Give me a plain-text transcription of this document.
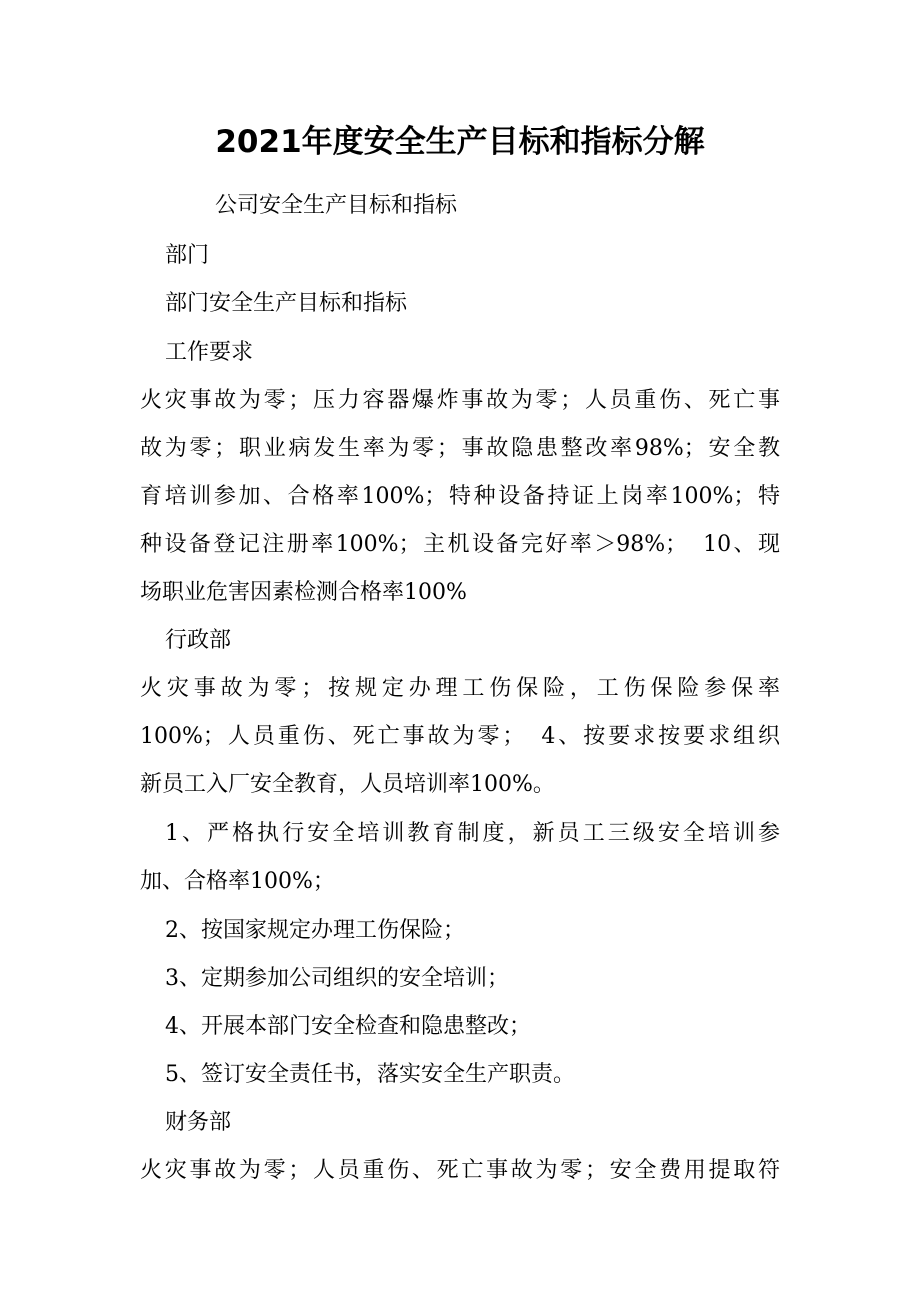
2021年度安全生产目标和指标分解

公司安全生产目标和指标

部门

部门安全生产目标和指标

工作要求

火灾事故为零；压力容器爆炸事故为零；人员重伤、死亡事

故为零；职业病发生率为零；事故隐患整改率98%；安全教

育培训参加、合格率100%；特种设备持证上岗率100%；特

种设备登记注册率100%；主机设备完好率＞98%；　10、现

场职业危害因素检测合格率100%

行政部

火灾事故为零；按规定办理工伤保险，工伤保险参保率

100%；人员重伤、死亡事故为零；　4、按要求按要求组织

新员工入厂安全教育，人员培训率100%。

1、严格执行安全培训教育制度，新员工三级安全培训参

加、合格率100%；

2、按国家规定办理工伤保险；

3、定期参加公司组织的安全培训；

4、开展本部门安全检查和隐患整改；

5、签订安全责任书，落实安全生产职责。

财务部

火灾事故为零；人员重伤、死亡事故为零；安全费用提取符
